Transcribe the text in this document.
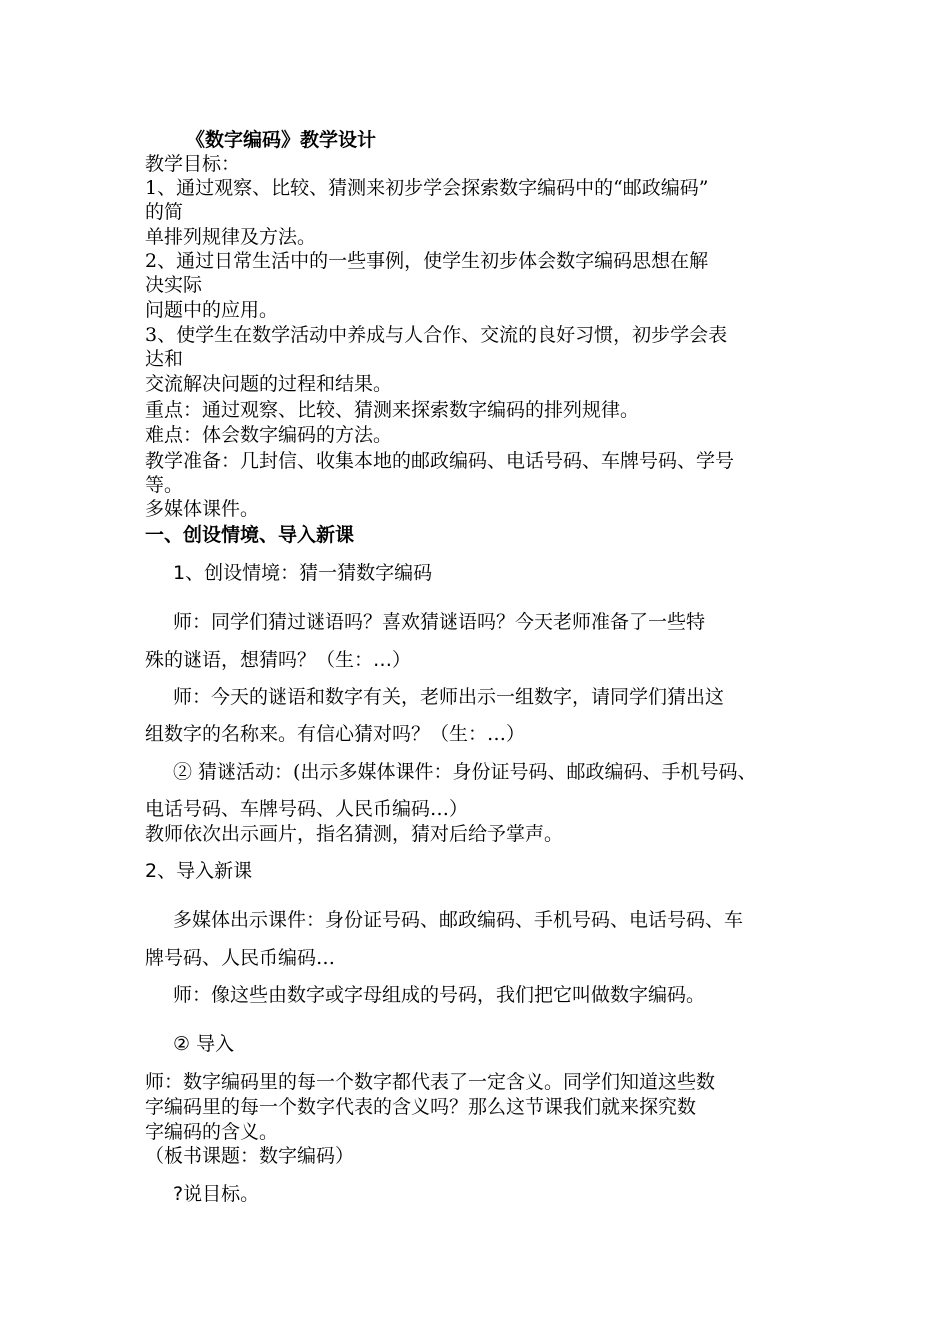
《数字编码》教学设计
教学目标：
1、通过观察、比较、猜测来初步学会探索数字编码中的“邮政编码”
的简
单排列规律及方法。
2、通过日常生活中的一些事例，使学生初步体会数字编码思想在解
决实际
问题中的应用。
3、使学生在数学活动中养成与人合作、交流的良好习惯，初步学会表
达和
交流解决问题的过程和结果。
重点：通过观察、比较、猜测来探索数字编码的排列规律。
难点：体会数字编码的方法。
教学准备：几封信、收集本地的邮政编码、电话号码、车牌号码、学号
等。
多媒体课件。
一、创设情境、导入新课
1、创设情境：猜一猜数字编码
师：同学们猜过谜语吗？喜欢猜谜语吗？今天老师准备了一些特
殊的谜语，想猜吗？（生：…）
师：今天的谜语和数字有关，老师出示一组数字，请同学们猜出这
组数字的名称来。有信心猜对吗？（生：…）
② 猜谜活动：(出示多媒体课件：身份证号码、邮政编码、手机号码、
电话号码、车牌号码、人民币编码…）
教师依次出示画片，指名猜测，猜对后给予掌声。
2、导入新课
多媒体出示课件：身份证号码、邮政编码、手机号码、电话号码、车
牌号码、人民币编码…
师：像这些由数字或字母组成的号码，我们把它叫做数字编码。
② 导入
师：数字编码里的每一个数字都代表了一定含义。同学们知道这些数
字编码里的每一个数字代表的含义吗？那么这节课我们就来探究数
字编码的含义。
（板书课题：数字编码）
?说目标。
